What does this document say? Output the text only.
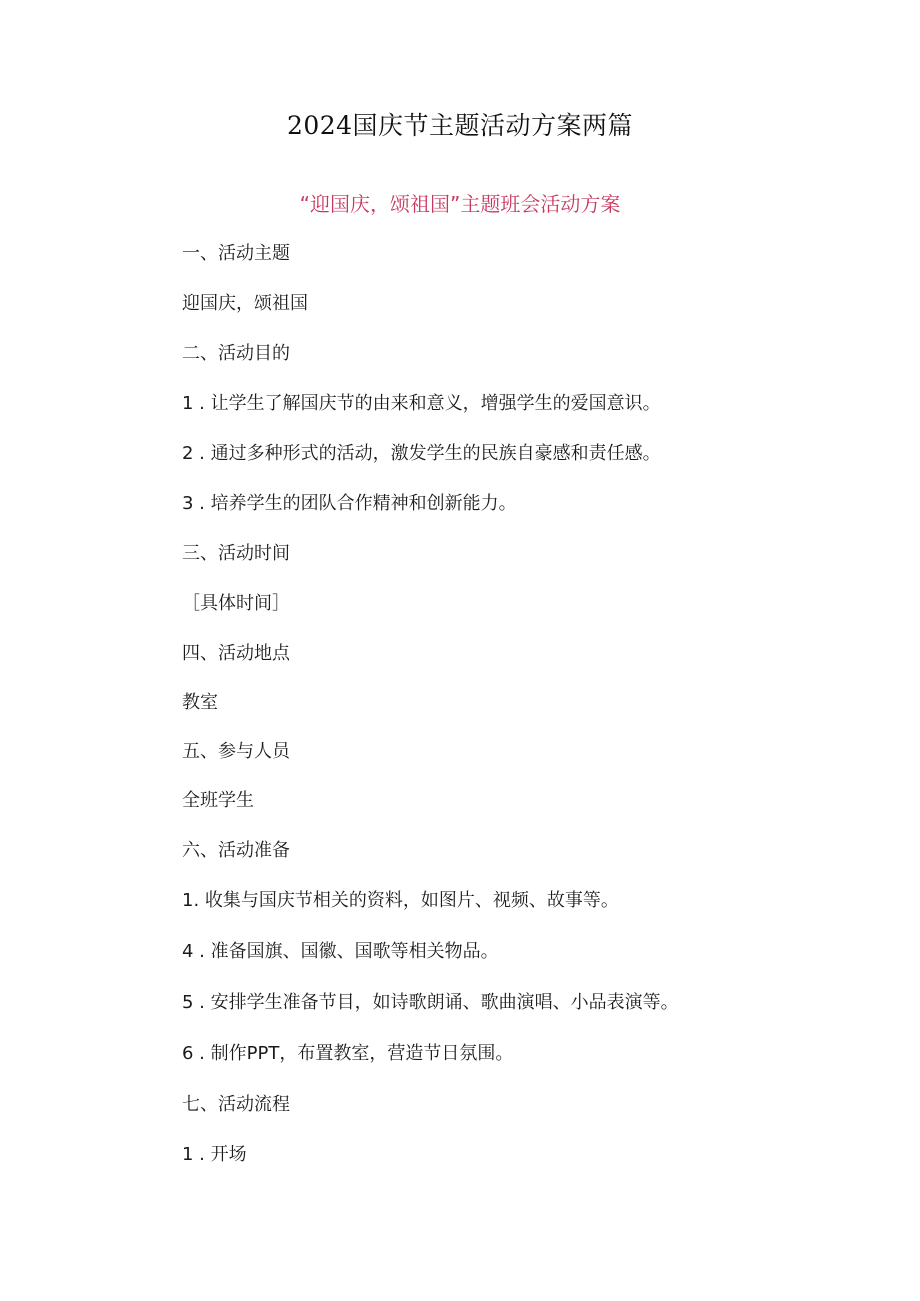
2024国庆节主题活动方案两篇
“迎国庆，颂祖国”主题班会活动方案
一、活动主题
迎国庆，颂祖国
二、活动目的
1 . 让学生了解国庆节的由来和意义，增强学生的爱国意识。
2 . 通过多种形式的活动，激发学生的民族自豪感和责任感。
3 . 培养学生的团队合作精神和创新能力。
三、活动时间
［具体时间］
四、活动地点
教室
五、参与人员
全班学生
六、活动准备
1. 收集与国庆节相关的资料，如图片、视频、故事等。
4 . 准备国旗、国徽、国歌等相关物品。
5 . 安排学生准备节目，如诗歌朗诵、歌曲演唱、小品表演等。
6 . 制作PPT，布置教室，营造节日氛围。
七、活动流程
1 . 开场
